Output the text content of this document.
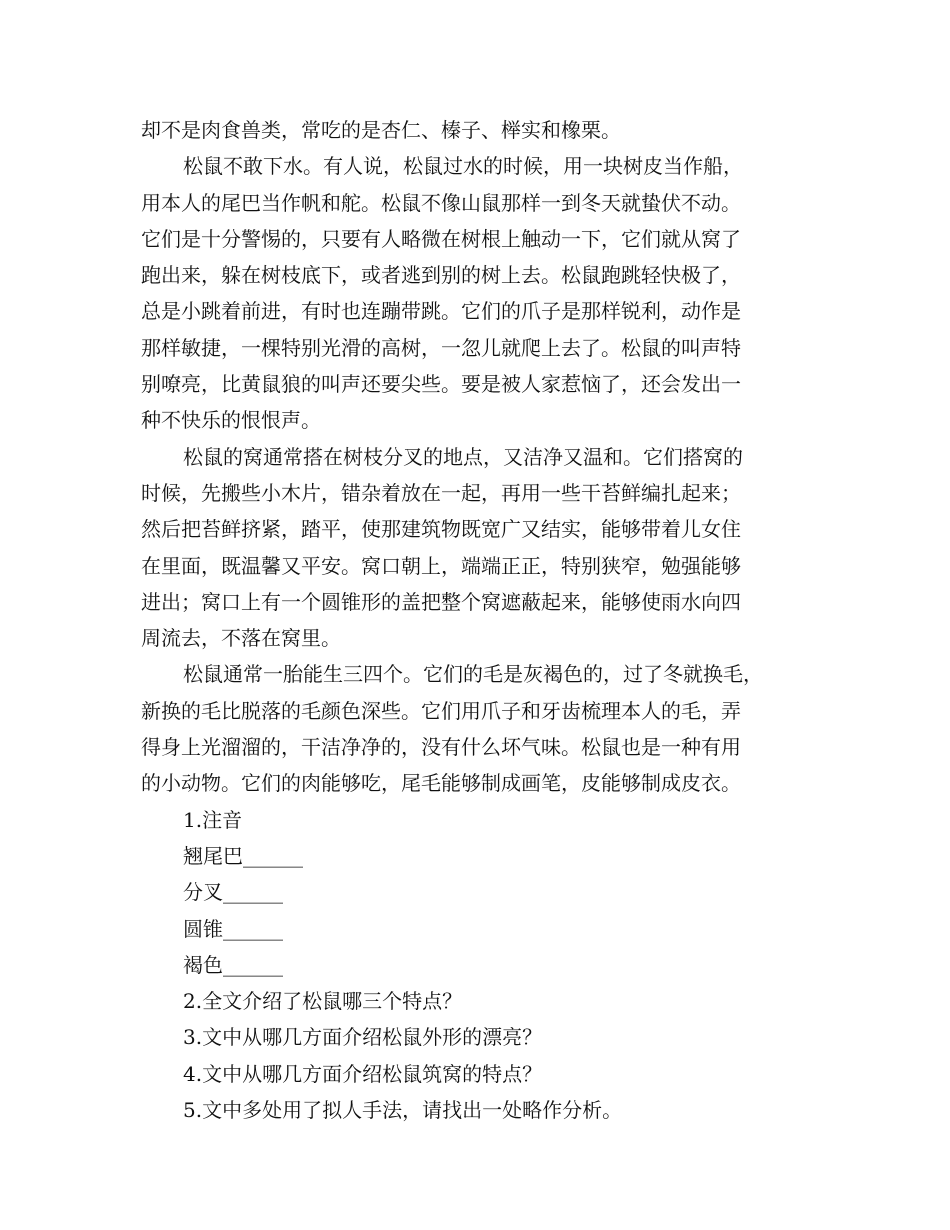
却不是肉食兽类，常吃的是杏仁、榛子、榉实和橡栗。

松鼠不敢下水。有人说，松鼠过水的时候，用一块树皮当作船，

用本人的尾巴当作帆和舵。松鼠不像山鼠那样一到冬天就蛰伏不动。

它们是十分警惕的，只要有人略微在树根上触动一下，它们就从窝了

跑出来，躲在树枝底下，或者逃到别的树上去。松鼠跑跳轻快极了，

总是小跳着前进，有时也连蹦带跳。它们的爪子是那样锐利，动作是

那样敏捷，一棵特别光滑的高树，一忽儿就爬上去了。松鼠的叫声特

别嘹亮，比黄鼠狼的叫声还要尖些。要是被人家惹恼了，还会发出一

种不快乐的恨恨声。

松鼠的窝通常搭在树枝分叉的地点，又洁净又温和。它们搭窝的

时候，先搬些小木片，错杂着放在一起，再用一些干苔鲜编扎起来；

然后把苔鲜挤紧，踏平，使那建筑物既宽广又结实，能够带着儿女住

在里面，既温馨又平安。窝口朝上，端端正正，特别狭窄，勉强能够

进出；窝口上有一个圆锥形的盖把整个窝遮蔽起来，能够使雨水向四

周流去，不落在窝里。

松鼠通常一胎能生三四个。它们的毛是灰褐色的，过了冬就换毛，

新换的毛比脱落的毛颜色深些。它们用爪子和牙齿梳理本人的毛，弄

得身上光溜溜的，干洁净净的，没有什么坏气味。松鼠也是一种有用

的小动物。它们的肉能够吃，尾毛能够制成画笔，皮能够制成皮衣。

1.注音

翘尾巴______

分叉______

圆锥______

褐色______

2.全文介绍了松鼠哪三个特点？

3.文中从哪几方面介绍松鼠外形的漂亮？

4.文中从哪几方面介绍松鼠筑窝的特点？

5.文中多处用了拟人手法，请找出一处略作分析。
